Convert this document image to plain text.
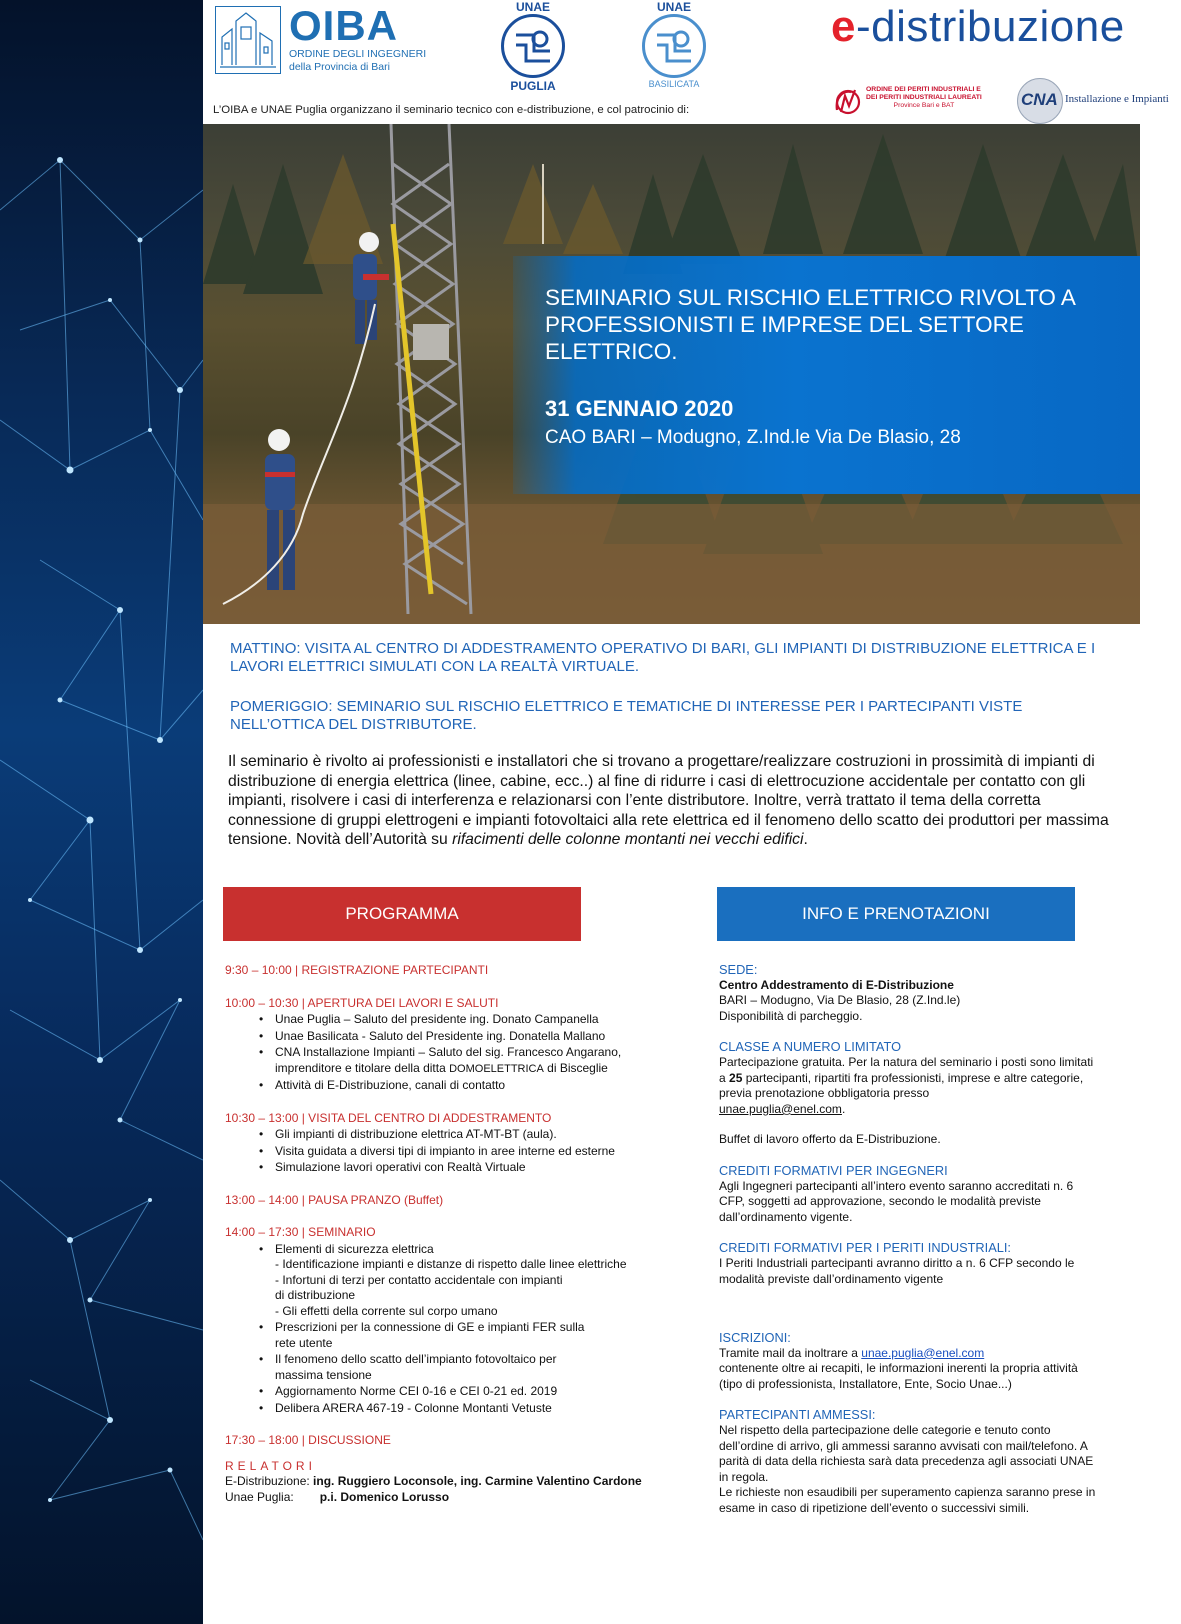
OIBA
ORDINE DEGLI INGEGNERI
della Provincia di Bari
UNAE
PUGLIA
UNAE
BASILICATA
e-distribuzione
ORDINE DEI PERITI INDUSTRIALI E
DEI PERITI INDUSTRIALI LAUREATI
Province Bari e BAT	CNA Installazione e Impianti
L’OIBA e UNAE Puglia organizzano il seminario tecnico con e-distribuzione, e col patrocinio di:
SEMINARIO SUL RISCHIO ELETTRICO RIVOLTO A PROFESSIONISTI E IMPRESE DEL SETTORE ELETTRICO.
31 GENNAIO 2020
CAO BARI – Modugno, Z.Ind.le Via De Blasio, 28
MATTINO: VISITA AL CENTRO DI ADDESTRAMENTO OPERATIVO DI BARI, GLI IMPIANTI DI DISTRIBUZIONE ELETTRICA E I LAVORI ELETTRICI SIMULATI CON LA REALTÀ VIRTUALE.
POMERIGGIO: SEMINARIO SUL RISCHIO ELETTRICO E TEMATICHE DI INTERESSE PER I PARTECIPANTI VISTE NELL’OTTICA DEL DISTRIBUTORE.
Il seminario è rivolto ai professionisti e installatori che si trovano a progettare/realizzare costruzioni in prossimità di impianti di distribuzione di energia elettrica (linee, cabine, ecc..) al fine di ridurre i casi di elettrocuzione accidentale per contatto con gli impianti, risolvere i casi di interferenza e relazionarsi con l’ente distributore. Inoltre, verrà trattato il tema della corretta connessione di gruppi elettrogeni e impianti fotovoltaici alla rete elettrica ed il fenomeno dello scatto dei produttori per massima tensione. Novità dell’Autorità su rifacimenti delle colonne montanti nei vecchi edifici.
PROGRAMMA	INFO E PRENOTAZIONI
9:30 – 10:00 | REGISTRAZIONE PARTECIPANTI
10:00 – 10:30 | APERTURA DEI LAVORI E SALUTI
• Unae Puglia – Saluto del presidente ing. Donato Campanella
• Unae Basilicata - Saluto del Presidente ing. Donatella Mallano
• CNA Installazione Impianti – Saluto del sig. Francesco Angarano,
imprenditore e titolare della ditta DOMOELETTRICA di Bisceglie
• Attività di E-Distribuzione, canali di contatto
10:30 – 13:00 | VISITA DEL CENTRO DI ADDESTRAMENTO
• Gli impianti di distribuzione elettrica AT-MT-BT (aula).
• Visita guidata a diversi tipi di impianto in aree interne ed esterne
• Simulazione lavori operativi con Realtà Virtuale
13:00 – 14:00 | PAUSA PRANZO (Buffet)
14:00 – 17:30 | SEMINARIO
• Elementi di sicurezza elettrica
- Identificazione impianti e distanze di rispetto dalle linee elettriche
- Infortuni di terzi per contatto accidentale con impianti
di distribuzione
- Gli effetti della corrente sul corpo umano
• Prescrizioni per la connessione di GE e impianti FER sulla
rete utente
• Il fenomeno dello scatto dell’impianto fotovoltaico per
massima tensione
• Aggiornamento Norme CEI 0-16 e CEI 0-21 ed. 2019
• Delibera ARERA 467-19 - Colonne Montanti Vetuste
17:30 – 18:00 | DISCUSSIONE
RELATORI
E-Distribuzione: ing. Ruggiero Loconsole, ing. Carmine Valentino Cardone
Unae Puglia: p.i. Domenico Lorusso
SEDE:
Centro Addestramento di E-Distribuzione
BARI – Modugno, Via De Blasio, 28 (Z.Ind.le)
Disponibilità di parcheggio.
CLASSE A NUMERO LIMITATO
Partecipazione gratuita. Per la natura del seminario i posti sono limitati a 25 partecipanti, ripartiti fra professionisti, imprese e altre categorie, previa prenotazione obbligatoria presso
unae.puglia@enel.com.
Buffet di lavoro offerto da E-Distribuzione.
CREDITI FORMATIVI PER INGEGNERI
Agli Ingegneri partecipanti all’intero evento saranno accreditati n. 6 CFP, soggetti ad approvazione, secondo le modalità previste dall’ordinamento vigente.
CREDITI FORMATIVI PER I PERITI INDUSTRIALI:
I Periti Industriali partecipanti avranno diritto a n. 6 CFP secondo le modalità previste dall’ordinamento vigente
ISCRIZIONI:
Tramite mail da inoltrare a unae.puglia@enel.com
contenente oltre ai recapiti, le informazioni inerenti la propria attività (tipo di professionista, Installatore, Ente, Socio Unae...)
PARTECIPANTI AMMESSI:
Nel rispetto della partecipazione delle categorie e tenuto conto dell’ordine di arrivo, gli ammessi saranno avvisati con mail/telefono. A parità di data della richiesta sarà data precedenza agli associati UNAE in regola.
Le richieste non esaudibili per superamento capienza saranno prese in esame in caso di ripetizione dell’evento o successivi simili.
